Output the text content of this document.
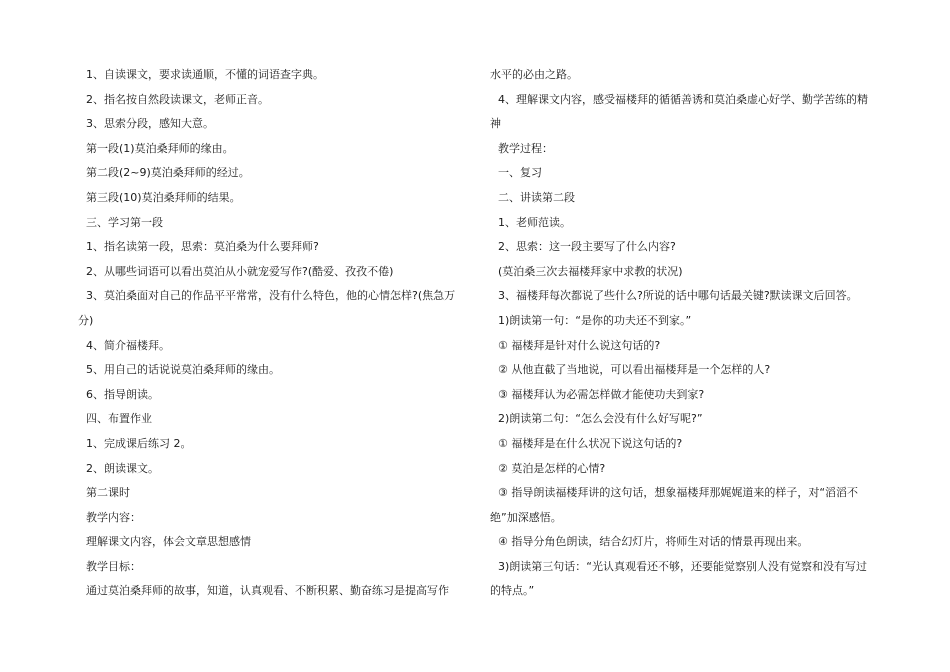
1、自读课文，要求读通顺，不懂的词语查字典。

2、指名按自然段读课文，老师正音。

3、思索分段，感知大意。

第一段(1)莫泊桑拜师的缘由。

第二段(2~9)莫泊桑拜师的经过。

第三段(10)莫泊桑拜师的结果。

三、学习第一段

1、指名读第一段，思索：莫泊桑为什么要拜师?

2、从哪些词语可以看出莫泊从小就宠爱写作?(酷爱、孜孜不倦)

3、莫泊桑面对自己的作品平平常常，没有什么特色，他的心情怎样?(焦急万

分)

4、简介福楼拜。

5、用自己的话说说莫泊桑拜师的缘由。

6、指导朗读。

四、布置作业

1、完成课后练习 2。

2、朗读课文。

第二课时

教学内容：

理解课文内容，体会文章思想感情

教学目标：

通过莫泊桑拜师的故事，知道，认真观看、不断积累、勤奋练习是提高写作

水平的必由之路。

4、理解课文内容，感受福楼拜的循循善诱和莫泊桑虚心好学、勤学苦练的精

神

教学过程：

一、复习

二、讲读第二段

1、老师范读。

2、思索：这一段主要写了什么内容?

(莫泊桑三次去福楼拜家中求教的状况)

3、福楼拜每次都说了些什么?所说的话中哪句话最关键?默读课文后回答。

1)朗读第一句：“是你的功夫还不到家。”

① 福楼拜是针对什么说这句话的?

② 从他直截了当地说，可以看出福楼拜是一个怎样的人?

③ 福楼拜认为必需怎样做才能使功夫到家?

2)朗读第二句：“怎么会没有什么好写呢?”

① 福楼拜是在什么状况下说这句话的?

② 莫泊是怎样的心情?

③ 指导朗读福楼拜讲的这句话，想象福楼拜那娓娓道来的样子，对“滔滔不

绝”加深感悟。

④ 指导分角色朗读，结合幻灯片，将师生对话的情景再现出来。

3)朗读第三句话：“光认真观看还不够，还要能觉察别人没有觉察和没有写过

的特点。”
